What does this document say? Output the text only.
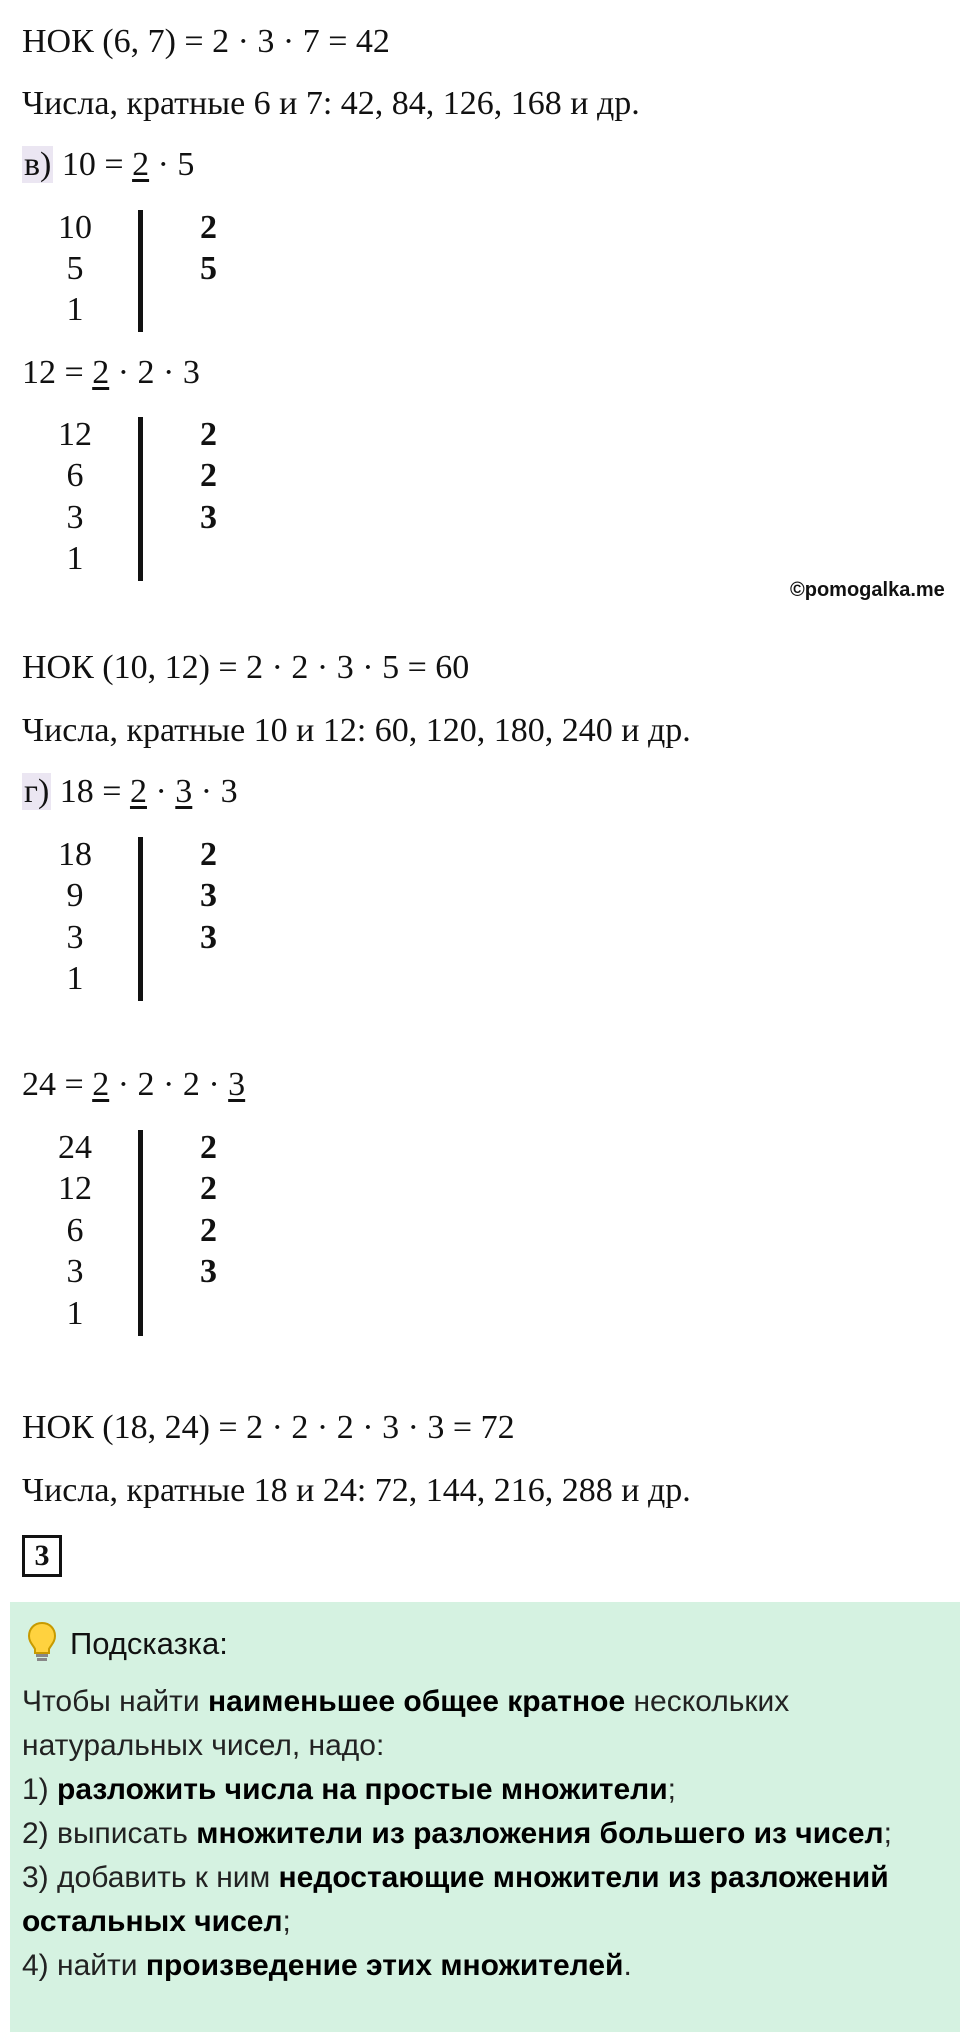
НОК (6, 7) = 2 · 3 · 7 = 42
Числа, кратные 6 и 7: 42, 84, 126, 168 и др.
в) 10 = 2 · 5
10	2
5	5
1
12 = 2 · 2 · 3
12	2
6	2
3	3
1
©pomogalka.me
НОК (10, 12) = 2 · 2 · 3 · 5 = 60
Числа, кратные 10 и 12: 60, 120, 180, 240 и др.
г) 18 = 2 · 3 · 3
18	2
9	3
3	3
1
24 = 2 · 2 · 2 · 3
24	2
12	2
6	2
3	3
1
НОК (18, 24) = 2 · 2 · 2 · 3 · 3 = 72
Числа, кратные 18 и 24: 72, 144, 216, 288 и др.
3
Подсказка:
Чтобы найти наименьшее общее кратное нескольких натуральных чисел, надо:
1) разложить числа на простые множители;
2) выписать множители из разложения большего из чисел;
3) добавить к ним недостающие множители из разложений остальных чисел;
4) найти произведение этих множителей.
